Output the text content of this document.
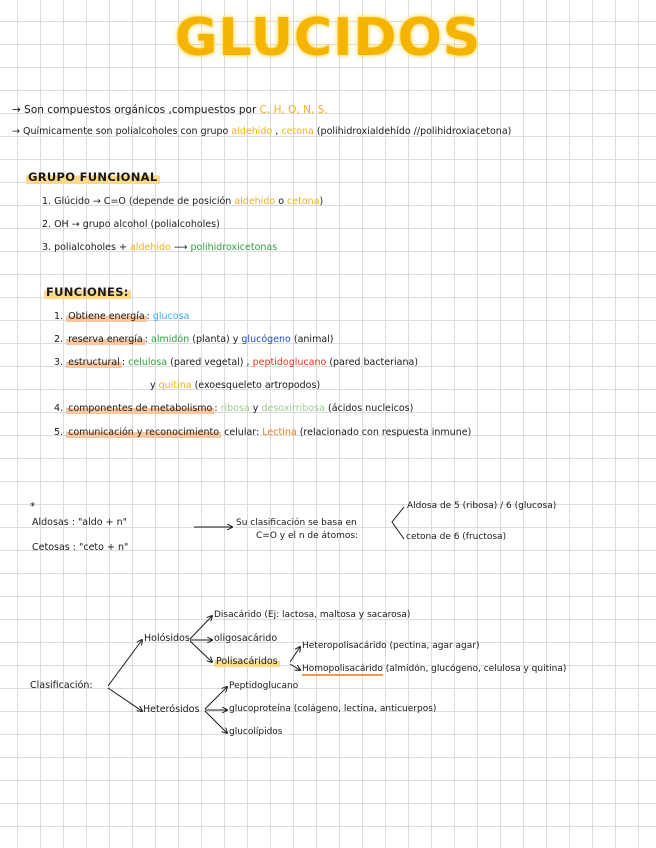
GLUCIDOS
→ Son compuestos orgánicos ,compuestos por C, H, O, N, S.
→ Químicamente son polialcoholes con grupo aldehído , cetona (polihidroxialdehído //polihidroxiacetona)
GRUPO FUNCIONAL
1. Glúcido → C=O (depende de posición aldehido o cetona)
2. OH → grupo alcohol (polialcoholes)
3. polialcoholes + aldehido ⟶ polihidroxicetonas
FUNCIONES:
1. Obtiene energía : glucosa
2. reserva energía : almidón (planta) y glucógeno (animal)
3. estructural : celulosa (pared vegetal) , peptidoglucano (pared bacteriana)
y quitina (exoesqueleto artropodos)
4. componentes de metabolismo : ribosa y desoxirribosa (ácidos nucleicos)
5. comunicación y reconocimiento celular: Lectina (relacionado con respuesta inmune)
*
Aldosas : "aldo + n"
Cetosas : "ceto + n"
Su clasificación se basa en
C=O y el n de átomos:
Aldosa de 5 (ribosa) / 6 (glucosa)
cetona de 6 (fructosa)
Clasificación:
Holósidos
Heterósidos
Disacárido (Ej: lactosa, maltosa y sacarosa)
oligosacárido
Polisacáridos
Heteropolisacárido (pectina, agar agar)
Homopolisacárido (almidón, glucógeno, celulosa y quitina)
Peptidoglucano
glucoproteína (colágeno, lectina, anticuerpos)
glucolípidos
